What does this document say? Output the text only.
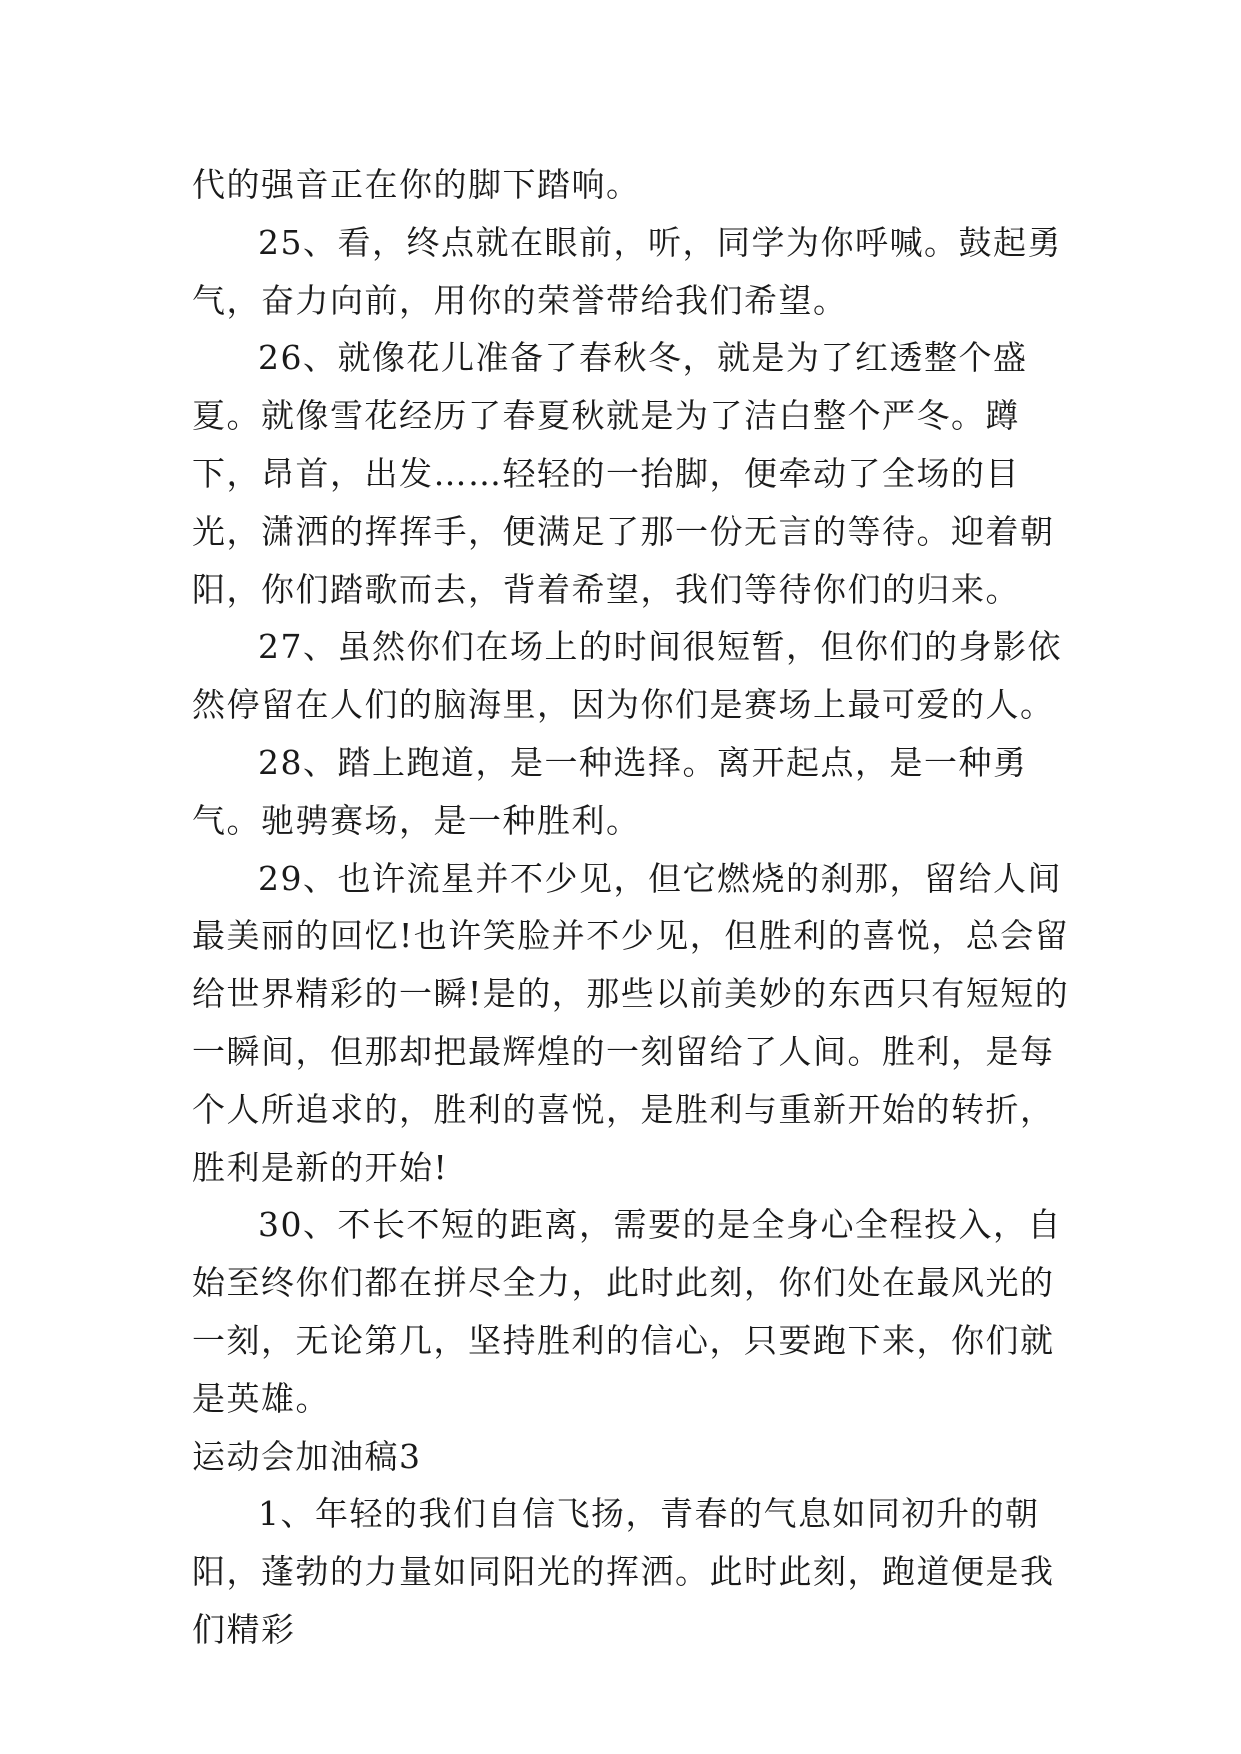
代的强音正在你的脚下踏响。

25、看，终点就在眼前，听，同学为你呼喊。鼓起勇气，奋力向前，用你的荣誉带给我们希望。

26、就像花儿准备了春秋冬，就是为了红透整个盛夏。就像雪花经历了春夏秋就是为了洁白整个严冬。蹲下，昂首，出发……轻轻的一抬脚，便牵动了全场的目光，潇洒的挥挥手，便满足了那一份无言的等待。迎着朝阳，你们踏歌而去，背着希望，我们等待你们的归来。

27、虽然你们在场上的时间很短暂，但你们的身影依然停留在人们的脑海里，因为你们是赛场上最可爱的人。

28、踏上跑道，是一种选择。离开起点，是一种勇气。驰骋赛场，是一种胜利。

29、也许流星并不少见，但它燃烧的刹那，留给人间最美丽的回忆!也许笑脸并不少见，但胜利的喜悦，总会留给世界精彩的一瞬!是的，那些以前美妙的东西只有短短的一瞬间，但那却把最辉煌的一刻留给了人间。胜利，是每个人所追求的，胜利的喜悦，是胜利与重新开始的转折，胜利是新的开始!

30、不长不短的距离，需要的是全身心全程投入，自始至终你们都在拼尽全力，此时此刻，你们处在最风光的一刻，无论第几，坚持胜利的信心，只要跑下来，你们就是英雄。

运动会加油稿3

1、年轻的我们自信飞扬，青春的气息如同初升的朝阳，蓬勃的力量如同阳光的挥洒。此时此刻，跑道便是我们精彩
